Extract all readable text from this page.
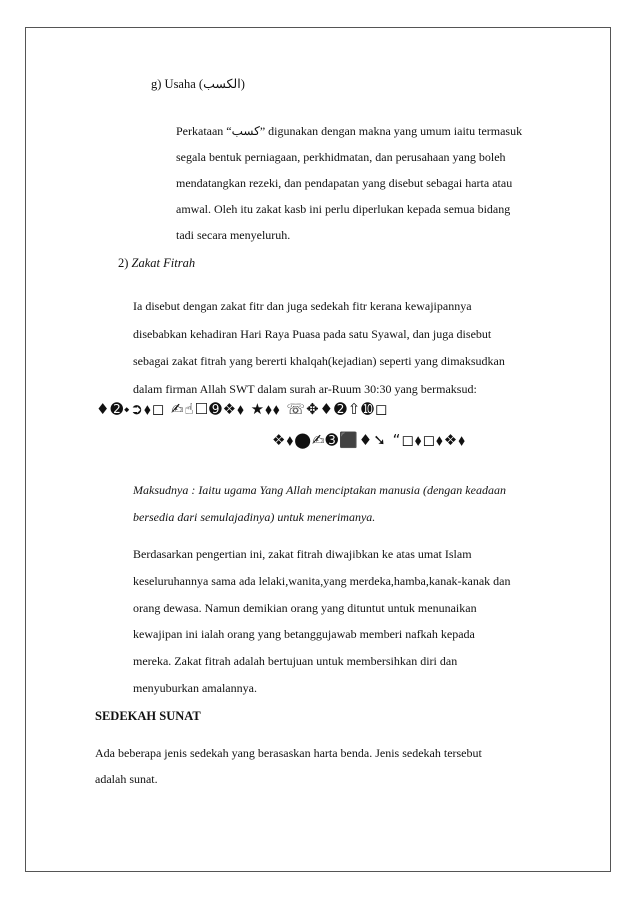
g) Usaha (الكسب)
Perkataan “كسب” digunakan dengan makna yang umum iaitu termasuk
segala bentuk perniagaan, perkhidmatan, dan perusahaan yang boleh
mendatangkan rezeki, dan pendapatan yang disebut sebagai harta atau
amwal. Oleh itu zakat kasb ini perlu diperlukan kepada semua bidang
tadi secara menyeluruh.
2) Zakat Fitrah
Ia disebut dengan zakat fitr dan juga sedekah fitr kerana kewajipannya
disebabkan kehadiran Hari Raya Puasa pada satu Syawal, dan juga disebut
sebagai zakat fitrah yang bererti khalqah(kejadian) seperti yang dimaksudkan
dalam firman Allah SWT dalam surah ar-Ruum 30:30 yang bermaksud:
♦➋⬩➲⬧◻ ✍☝☐➒❖⬧ ★⬧⬧ ☏✥♦➋⇧➓◻
❖⬧⬤✍➌⬛♦➘ “◻⬧◻⬧❖⬧
Maksudnya : Iaitu ugama Yang Allah menciptakan manusia (dengan keadaan
bersedia dari semulajadinya) untuk menerimanya.
Berdasarkan pengertian ini, zakat fitrah diwajibkan ke atas umat Islam
keseluruhannya sama ada lelaki,wanita,yang merdeka,hamba,kanak-kanak dan
orang dewasa. Namun demikian orang yang dituntut untuk menunaikan
kewajipan ini ialah orang yang betanggujawab memberi nafkah kepada
mereka. Zakat fitrah adalah bertujuan untuk membersihkan diri dan
menyuburkan amalannya.
SEDEKAH SUNAT
Ada beberapa jenis sedekah yang berasaskan harta benda. Jenis sedekah tersebut
adalah sunat.
